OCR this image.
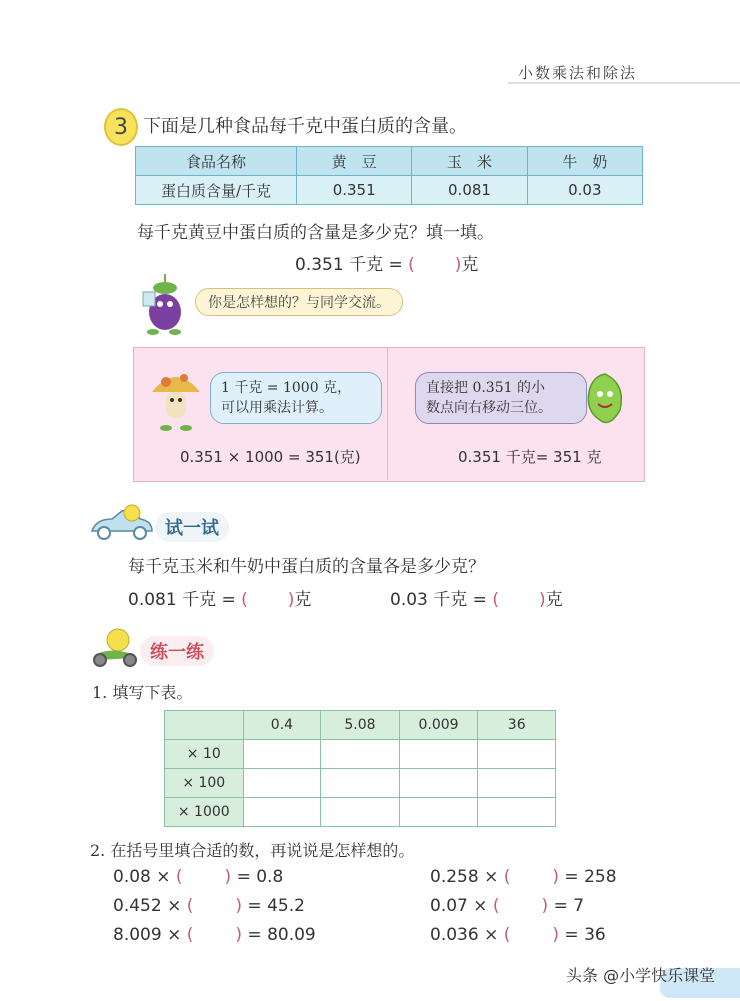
小数乘法和除法
3 下面是几种食品每千克中蛋白质的含量。
食品名称	黄　豆	玉　米	牛　奶
蛋白质含量/千克	0.351	0.081	0.03
每千克黄豆中蛋白质的含量是多少克？填一填。
0.351 千克 = ( )克
你是怎样想的？与同学交流。
1 千克 = 1000 克，
可以用乘法计算。
0.351 × 1000 = 351(克)
直接把 0.351 的小
数点向右移动三位。
0.351 千克= 351 克
试一试
每千克玉米和牛奶中蛋白质的含量各是多少克？
0.081 千克 = ( )克	0.03 千克 = ( )克
练一练
1. 填写下表。
	0.4	5.08	0.009	36
× 10				
× 100				
× 1000				
2. 在括号里填合适的数，再说说是怎样想的。
0.08 × ( ) = 0.8	0.258 × ( ) = 258
0.452 × ( ) = 45.2	0.07 × ( ) = 7
8.009 × ( ) = 80.09	0.036 × ( ) = 36
头条 @小学快乐课堂
